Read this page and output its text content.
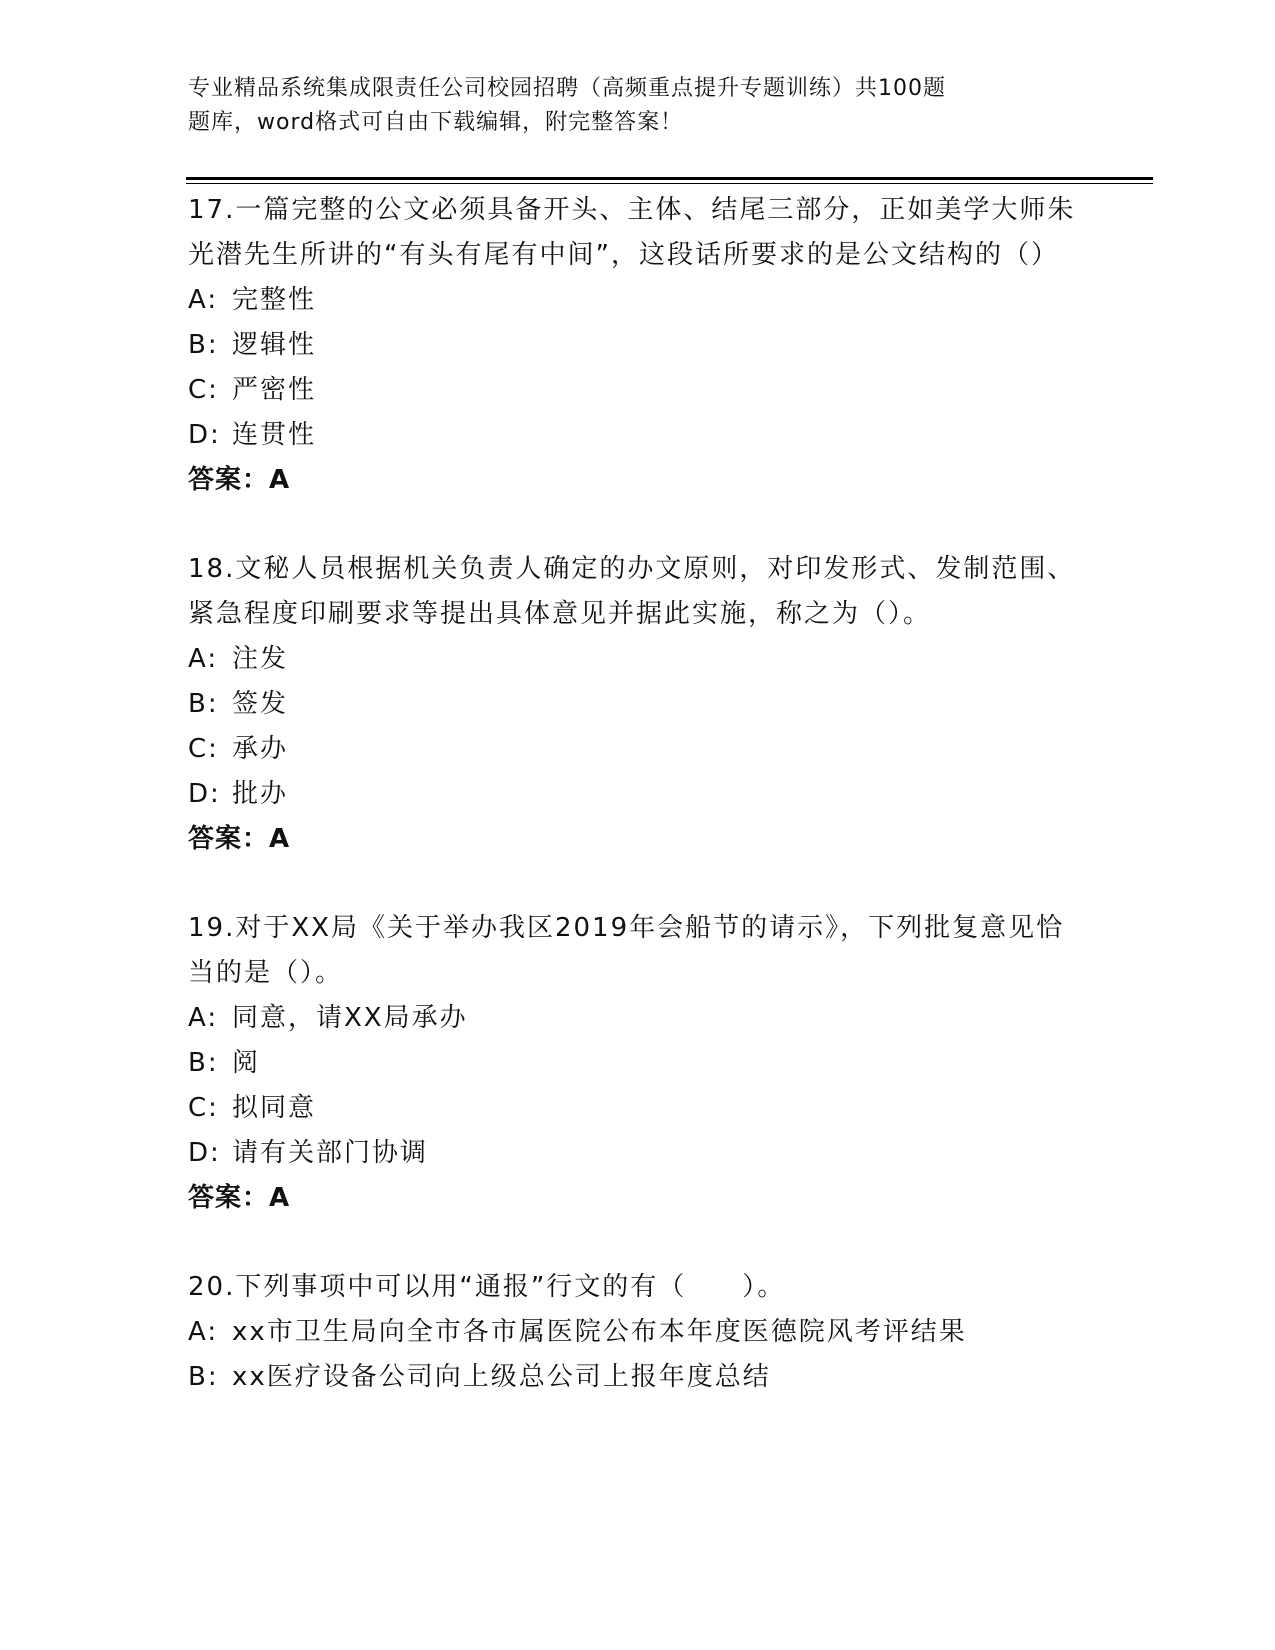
专业精品系统集成限责任公司校园招聘（高频重点提升专题训练）共100题
题库，word格式可自由下载编辑，附完整答案！

17.一篇完整的公文必须具备开头、主体、结尾三部分，正如美学大师朱光潜先生所讲的“有头有尾有中间”，这段话所要求的是公文结构的（）

A: 完整性

B: 逻辑性

C: 严密性

D: 连贯性

答案：A

18.文秘人员根据机关负责人确定的办文原则，对印发形式、发制范围、紧急程度印刷要求等提出具体意见并据此实施，称之为（）。

A: 注发

B: 签发

C: 承办

D: 批办

答案：A

19.对于XX局《关于举办我区2019年会船节的请示》，下列批复意见恰当的是（）。

A: 同意，请XX局承办

B: 阅

C: 拟同意

D: 请有关部门协调

答案：A

20.下列事项中可以用“通报”行文的有（　　）。

A: xx市卫生局向全市各市属医院公布本年度医德院风考评结果

B: xx医疗设备公司向上级总公司上报年度总结
